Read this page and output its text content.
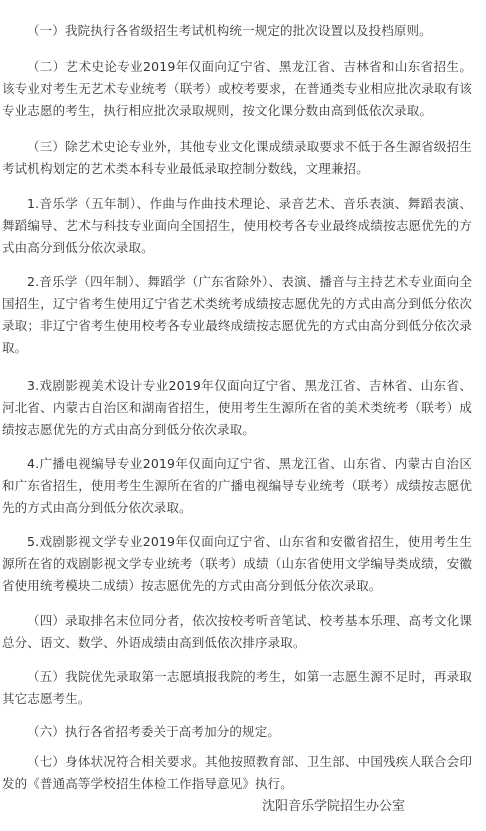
（一）我院执行各省级招生考试机构统一规定的批次设置以及投档原则。

（二）艺术史论专业2019年仅面向辽宁省、黑龙江省、吉林省和山东省招生。该专业对考生无艺术专业统考（联考）或校考要求，在普通类专业相应批次录取有该专业志愿的考生，执行相应批次录取规则，按文化课分数由高到低依次录取。

（三）除艺术史论专业外，其他专业文化课成绩录取要求不低于各生源省级招生考试机构划定的艺术类本科专业最低录取控制分数线，文理兼招。

1.音乐学（五年制）、作曲与作曲技术理论、录音艺术、音乐表演、舞蹈表演、舞蹈编导、艺术与科技专业面向全国招生，使用校考各专业最终成绩按志愿优先的方式由高分到低分依次录取。

2.音乐学（四年制）、舞蹈学（广东省除外）、表演、播音与主持艺术专业面向全国招生，辽宁省考生使用辽宁省艺术类统考成绩按志愿优先的方式由高分到低分依次录取；非辽宁省考生使用校考各专业最终成绩按志愿优先的方式由高分到低分依次录取。

3.戏剧影视美术设计专业2019年仅面向辽宁省、黑龙江省、吉林省、山东省、河北省、内蒙古自治区和湖南省招生，使用考生生源所在省的美术类统考（联考）成绩按志愿优先的方式由高分到低分依次录取。

4.广播电视编导专业2019年仅面向辽宁省、黑龙江省、山东省、内蒙古自治区和广东省招生，使用考生生源所在省的广播电视编导专业统考（联考）成绩按志愿优先的方式由高分到低分依次录取。

5.戏剧影视文学专业2019年仅面向辽宁省、山东省和安徽省招生，使用考生生源所在省的戏剧影视文学专业统考（联考）成绩（山东省使用文学编导类成绩，安徽省使用统考模块二成绩）按志愿优先的方式由高分到低分依次录取。

（四）录取排名末位同分者，依次按校考听音笔试、校考基本乐理、高考文化课总分、语文、数学、外语成绩由高到低依次排序录取。

（五）我院优先录取第一志愿填报我院的考生，如第一志愿生源不足时，再录取其它志愿考生。

（六）执行各省招考委关于高考加分的规定。

（七）身体状况符合相关要求。其他按照教育部、卫生部、中国残疾人联合会印发的《普通高等学校招生体检工作指导意见》执行。

沈阳音乐学院招生办公室
